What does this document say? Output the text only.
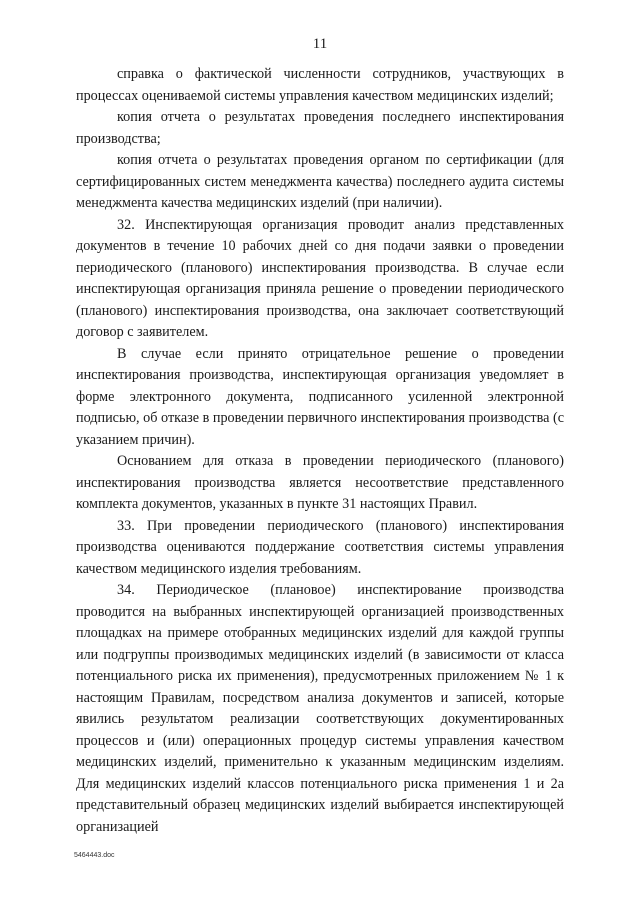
11

справка о фактической численности сотрудников, участвующих в процессах оцениваемой системы управления качеством медицинских изделий;

копия отчета о результатах проведения последнего инспектирования производства;

копия отчета о результатах проведения органом по сертификации (для сертифицированных систем менеджмента качества) последнего аудита системы менеджмента качества медицинских изделий (при наличии).

32. Инспектирующая организация проводит анализ представленных документов в течение 10 рабочих дней со дня подачи заявки о проведении периодического (планового) инспектирования производства. В случае если инспектирующая организация приняла решение о проведении периодического (планового) инспектирования производства, она заключает соответствующий договор с заявителем.

В случае если принято отрицательное решение о проведении инспектирования производства, инспектирующая организация уведомляет в форме электронного документа, подписанного усиленной электронной подписью, об отказе в проведении первичного инспектирования производства (с указанием причин).

Основанием для отказа в проведении периодического (планового) инспектирования производства является несоответствие представленного комплекта документов, указанных в пункте 31 настоящих Правил.

33. При проведении периодического (планового) инспектирования производства оцениваются поддержание соответствия системы управления качеством медицинского изделия требованиям.

34. Периодическое (плановое) инспектирование производства проводится на выбранных инспектирующей организацией производственных площадках на примере отобранных медицинских изделий для каждой группы или подгруппы производимых медицинских изделий (в зависимости от класса потенциального риска их применения), предусмотренных приложением № 1 к настоящим Правилам, посредством анализа документов и записей, которые явились результатом реализации соответствующих документированных процессов и (или) операционных процедур системы управления качеством медицинских изделий, применительно к указанным медицинским изделиям. Для медицинских изделий классов потенциального риска применения 1 и 2а представительный образец медицинских изделий выбирается инспектирующей организацией

5464443.doc
